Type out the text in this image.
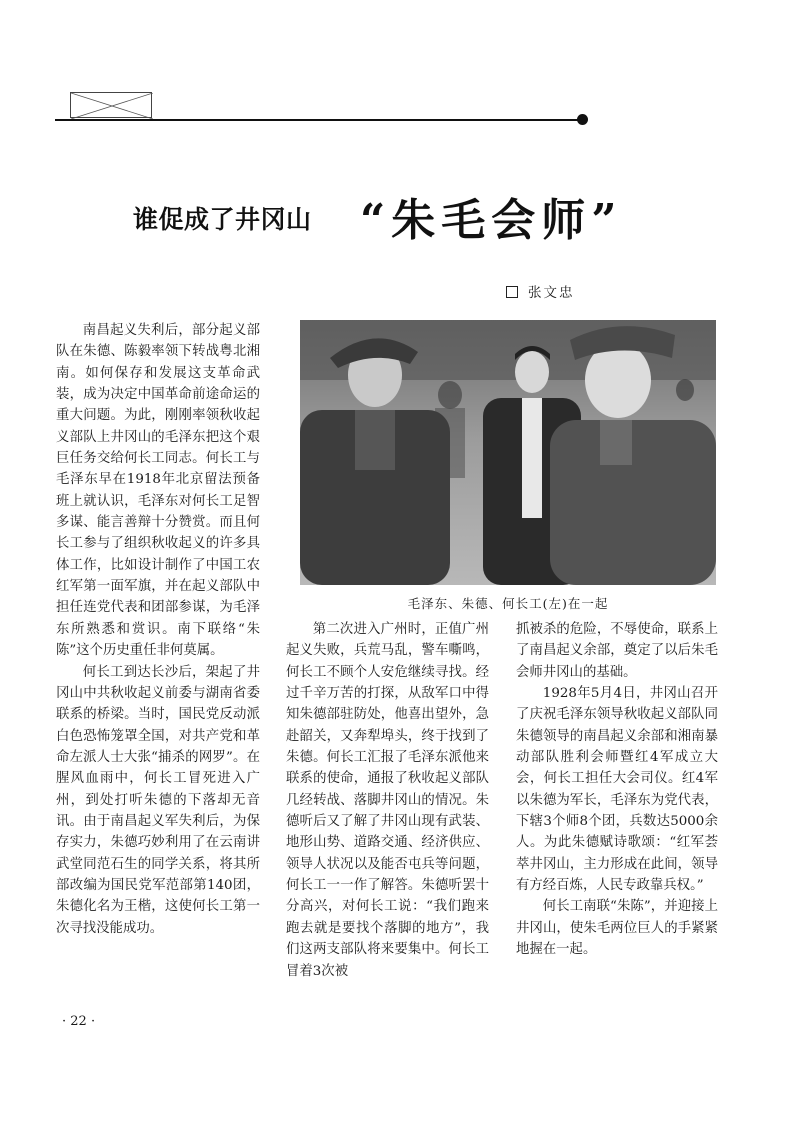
谁促成了井冈山 “朱毛会师”
张文忠

南昌起义失利后，部分起义部队在朱德、陈毅率领下转战粤北湘南。如何保存和发展这支革命武装，成为决定中国革命前途命运的重大问题。为此，刚刚率领秋收起义部队上井冈山的毛泽东把这个艰巨任务交给何长工同志。何长工与毛泽东早在1918年北京留法预备班上就认识，毛泽东对何长工足智多谋、能言善辩十分赞赏。而且何长工参与了组织秋收起义的许多具体工作，比如设计制作了中国工农红军第一面军旗，并在起义部队中担任连党代表和团部参谋，为毛泽东所熟悉和赏识。南下联络“朱陈”这个历史重任非何莫属。

何长工到达长沙后，架起了井冈山中共秋收起义前委与湖南省委联系的桥梁。当时，国民党反动派白色恐怖笼罩全国，对共产党和革命左派人士大张“捕杀的网罗”。在腥风血雨中，何长工冒死进入广州，到处打听朱德的下落却无音讯。由于南昌起义军失利后，为保存实力，朱德巧妙利用了在云南讲武堂同范石生的同学关系，将其所部改编为国民党军范部第140团，朱德化名为王楷，这使何长工第一次寻找没能成功。

毛泽东、朱德、何长工(左)在一起

第二次进入广州时，正值广州起义失败，兵荒马乱，警车嘶鸣，何长工不顾个人安危继续寻找。经过千辛万苦的打探，从敌军口中得知朱德部驻防处，他喜出望外，急赴韶关，又奔犁埠头，终于找到了朱德。何长工汇报了毛泽东派他来联系的使命，通报了秋收起义部队几经转战、落脚井冈山的情况。朱德听后又了解了井冈山现有武装、地形山势、道路交通、经济供应、领导人状况以及能否屯兵等问题，何长工一一作了解答。朱德听罢十分高兴，对何长工说：“我们跑来跑去就是要找个落脚的地方”，我们这两支部队将来要集中。何长工冒着3次被

抓被杀的危险，不辱使命，联系上了南昌起义余部，奠定了以后朱毛会师井冈山的基础。

1928年5月4日，井冈山召开了庆祝毛泽东领导秋收起义部队同朱德领导的南昌起义余部和湘南暴动部队胜利会师暨红4军成立大会，何长工担任大会司仪。红4军以朱德为军长，毛泽东为党代表，下辖3个师8个团，兵数达5000余人。为此朱德赋诗歌颂：“红军荟萃井冈山，主力形成在此间，领导有方经百炼，人民专政靠兵权。”

何长工南联“朱陈”，并迎接上井冈山，使朱毛两位巨人的手紧紧地握在一起。

· 22 ·
